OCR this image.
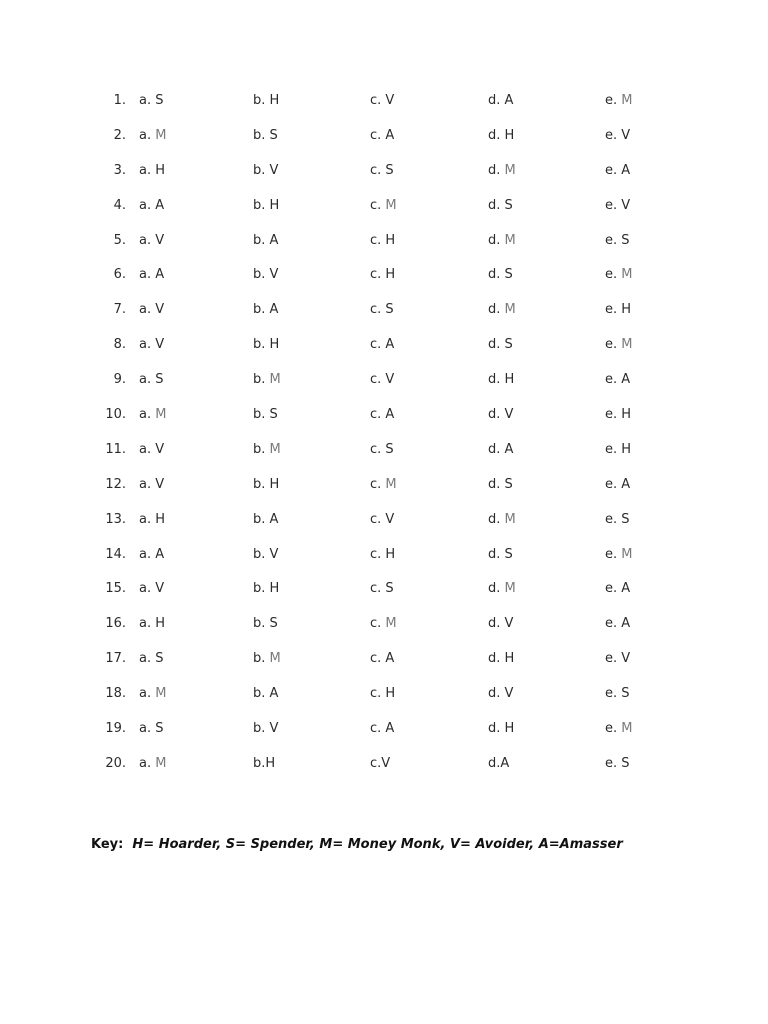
1. a. S	b. H	c. V	d. A	e. M
2. a. M	b. S	c. A	d. H	e. V
3. a. H	b. V	c. S	d. M	e. A
4. a. A	b. H	c. M	d. S	e. V
5. a. V	b. A	c. H	d. M	e. S
6. a. A	b. V	c. H	d. S	e. M
7. a. V	b. A	c. S	d. M	e. H
8. a. V	b. H	c. A	d. S	e. M
9. a. S	b. M	c. V	d. H	e. A
10. a. M	b. S	c. A	d. V	e. H
11. a. V	b. M	c. S	d. A	e. H
12. a. V	b. H	c. M	d. S	e. A
13. a. H	b. A	c. V	d. M	e. S
14. a. A	b. V	c. H	d. S	e. M
15. a. V	b. H	c. S	d. M	e. A
16. a. H	b. S	c. M	d. V	e. A
17. a. S	b. M	c. A	d. H	e. V
18. a. M	b. A	c. H	d. V	e. S
19. a. S	b. V	c. A	d. H	e. M
20. a. M	b.H	c.V	d.A	e. S
Key: H= Hoarder, S= Spender, M= Money Monk, V= Avoider, A=Amasser
